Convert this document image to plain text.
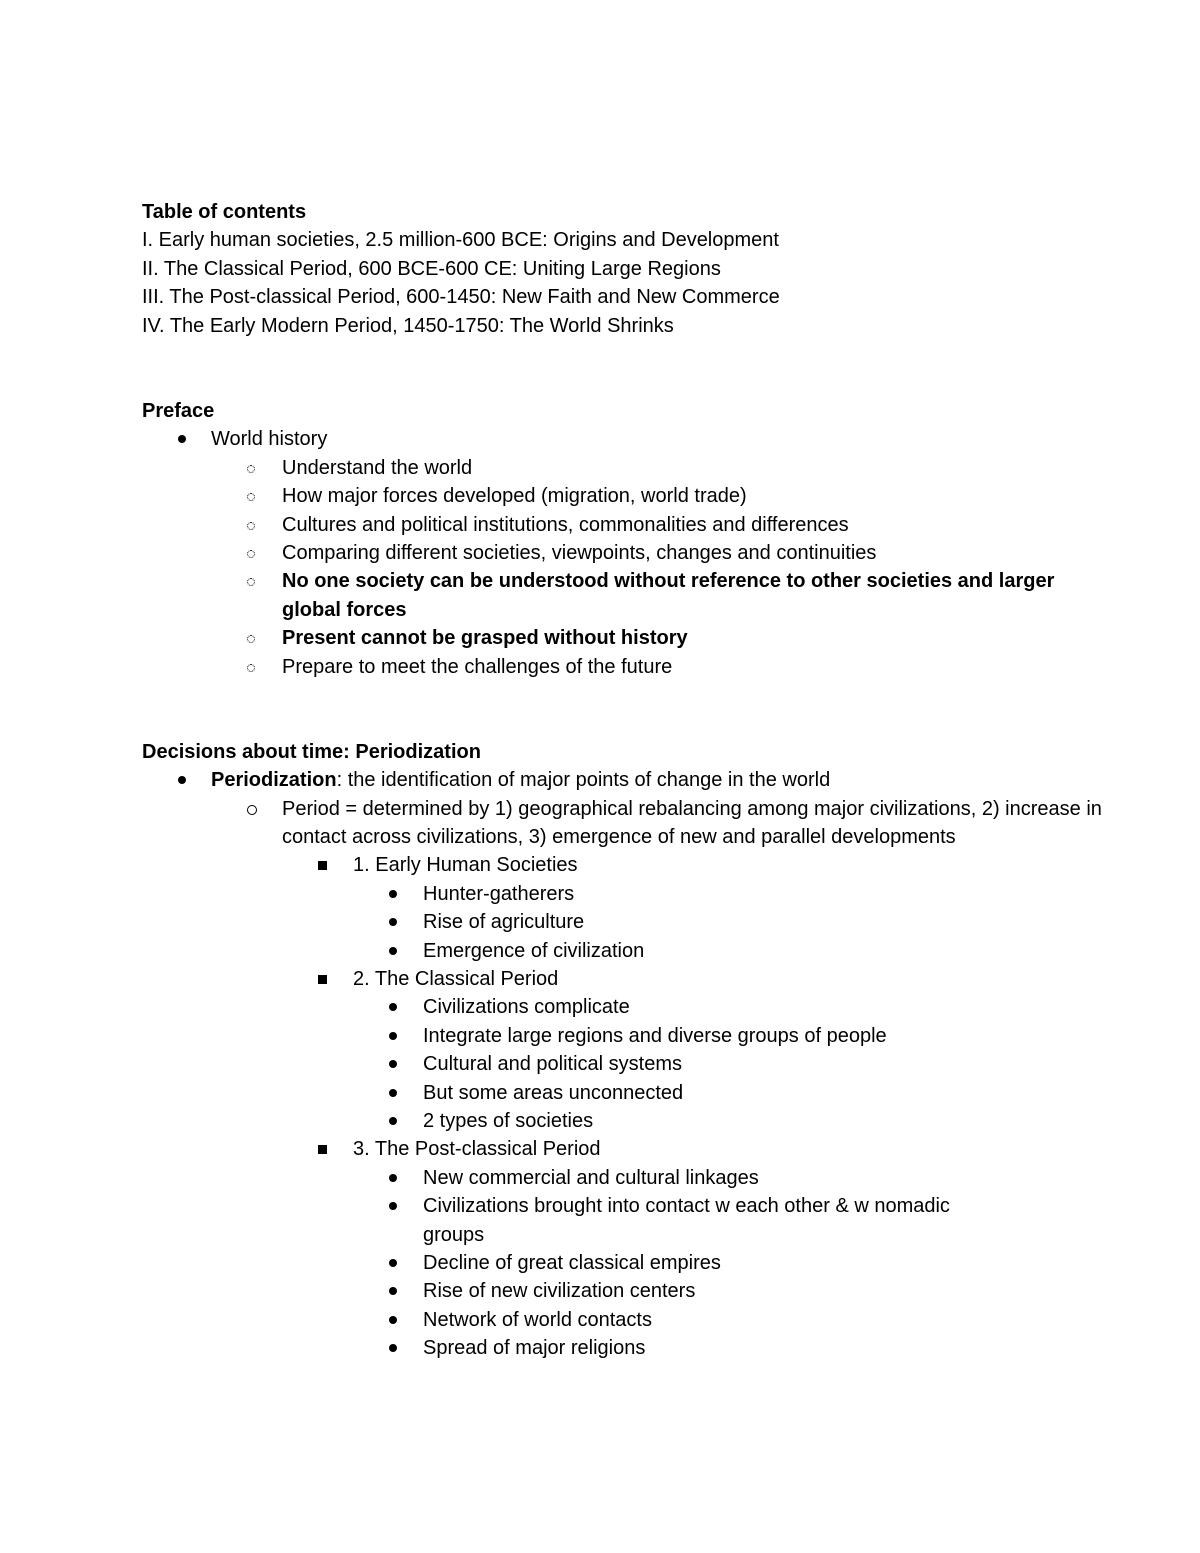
Table of contents
I. Early human societies, 2.5 million-600 BCE: Origins and Development
II. The Classical Period, 600 BCE-600 CE: Uniting Large Regions
III. The Post-classical Period, 600-1450: New Faith and New Commerce
IV. The Early Modern Period, 1450-1750: The World Shrinks
Preface
World history
Understand the world
How major forces developed (migration, world trade)
Cultures and political institutions, commonalities and differences
Comparing different societies, viewpoints, changes and continuities
No one society can be understood without reference to other societies and larger global forces
Present cannot be grasped without history
Prepare to meet the challenges of the future
Decisions about time: Periodization
Periodization: the identification of major points of change in the world
Period = determined by 1) geographical rebalancing among major civilizations, 2) increase in contact across civilizations, 3) emergence of new and parallel developments
1. Early Human Societies
Hunter-gatherers
Rise of agriculture
Emergence of civilization
2. The Classical Period
Civilizations complicate
Integrate large regions and diverse groups of people
Cultural and political systems
But some areas unconnected
2 types of societies
3. The Post-classical Period
New commercial and cultural linkages
Civilizations brought into contact w each other & w nomadic groups
Decline of great classical empires
Rise of new civilization centers
Network of world contacts
Spread of major religions
